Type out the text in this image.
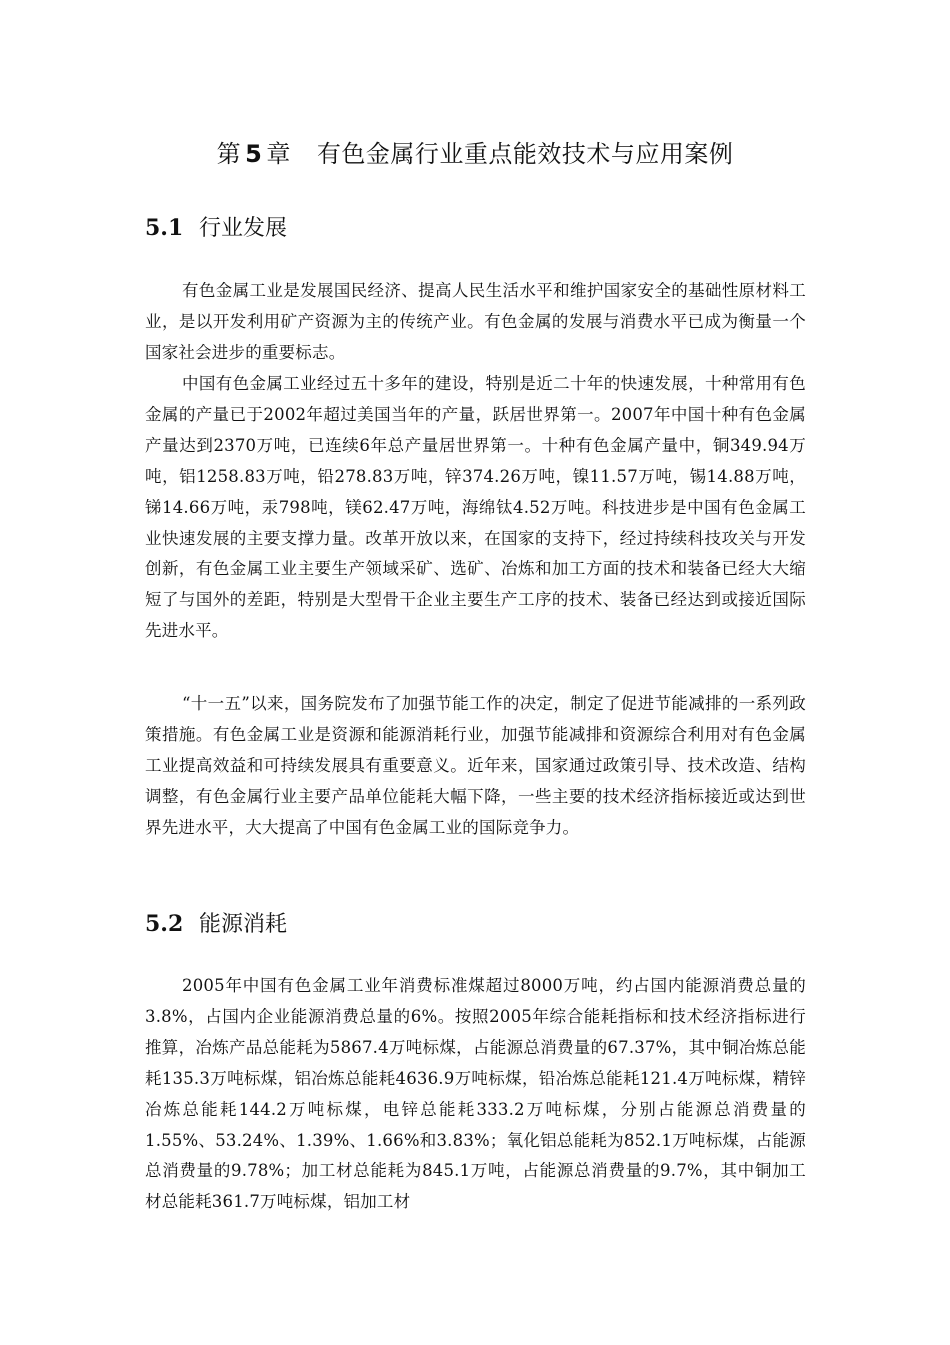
第 5 章 有色金属行业重点能效技术与应用案例
5.1 行业发展

有色金属工业是发展国民经济、提高人民生活水平和维护国家安全的基础性原材料工业，是以开发利用矿产资源为主的传统产业。有色金属的发展与消费水平已成为衡量一个国家社会进步的重要标志。

中国有色金属工业经过五十多年的建设，特别是近二十年的快速发展，十种常用有色金属的产量已于2002年超过美国当年的产量，跃居世界第一。2007年中国十种有色金属产量达到2370万吨，已连续6年总产量居世界第一。十种有色金属产量中，铜349.94万吨，铝1258.83万吨，铅278.83万吨，锌374.26万吨，镍11.57万吨，锡14.88万吨，锑14.66万吨，汞798吨，镁62.47万吨，海绵钛4.52万吨。科技进步是中国有色金属工业快速发展的主要支撑力量。改革开放以来，在国家的支持下，经过持续科技攻关与开发创新，有色金属工业主要生产领域采矿、选矿、冶炼和加工方面的技术和装备已经大大缩短了与国外的差距，特别是大型骨干企业主要生产工序的技术、装备已经达到或接近国际先进水平。

“十一五”以来，国务院发布了加强节能工作的决定，制定了促进节能减排的一系列政策措施。有色金属工业是资源和能源消耗行业，加强节能减排和资源综合利用对有色金属工业提高效益和可持续发展具有重要意义。近年来，国家通过政策引导、技术改造、结构调整，有色金属行业主要产品单位能耗大幅下降，一些主要的技术经济指标接近或达到世界先进水平，大大提高了中国有色金属工业的国际竞争力。

5.2 能源消耗

2005年中国有色金属工业年消费标准煤超过8000万吨，约占国内能源消费总量的3.8%，占国内企业能源消费总量的6%。按照2005年综合能耗指标和技术经济指标进行推算，冶炼产品总能耗为5867.4万吨标煤，占能源总消费量的67.37%，其中铜冶炼总能耗135.3万吨标煤，铝冶炼总能耗4636.9万吨标煤，铅冶炼总能耗121.4万吨标煤，精锌冶炼总能耗144.2万吨标煤，电锌总能耗333.2万吨标煤，分别占能源总消费量的1.55%、53.24%、1.39%、1.66%和3.83%；氧化铝总能耗为852.1万吨标煤，占能源总消费量的9.78%；加工材总能耗为845.1万吨，占能源总消费量的9.7%，其中铜加工材总能耗361.7万吨标煤，铝加工材
